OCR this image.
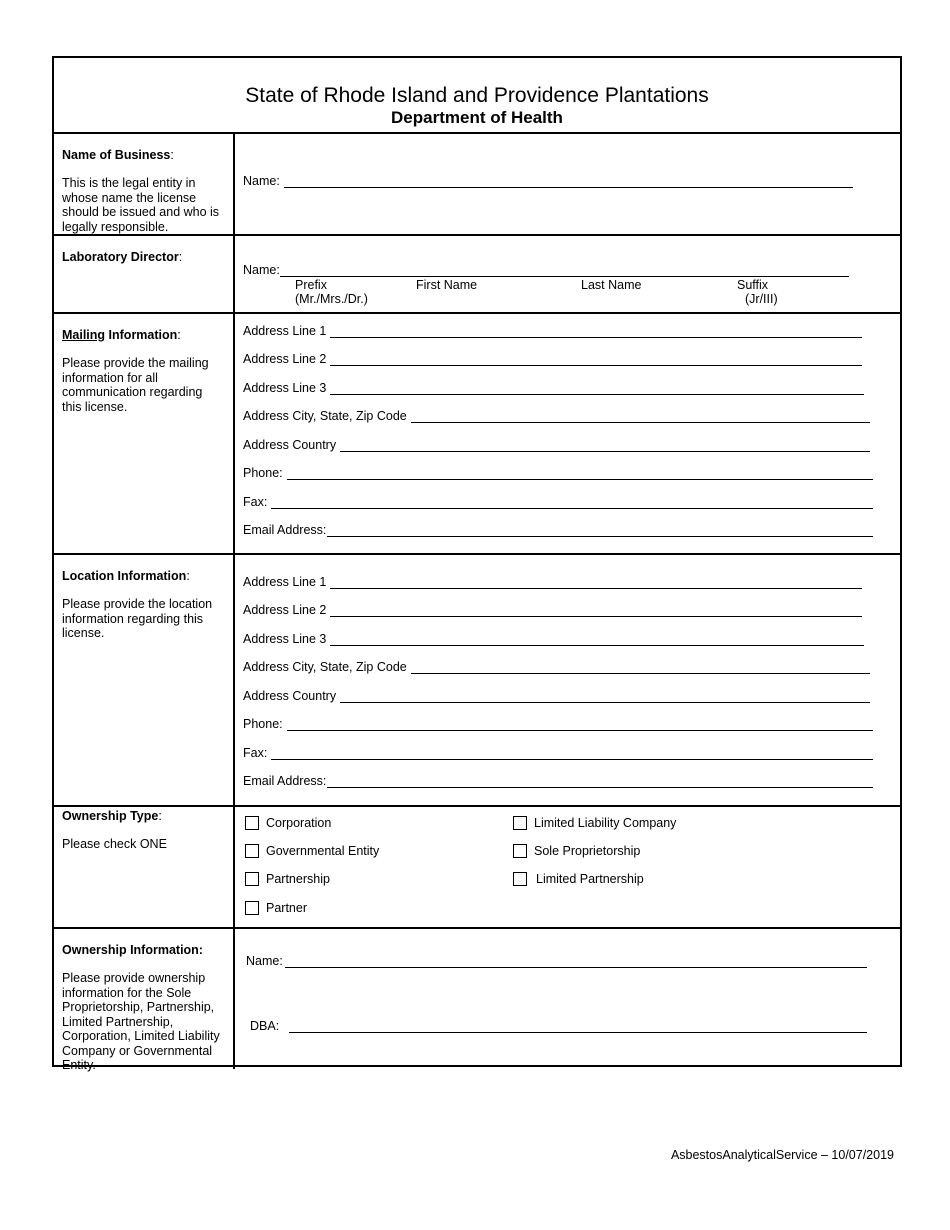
State of Rhode Island and Providence Plantations
Department of Health
Name of Business:
This is the legal entity in whose name the license should be issued and who is legally responsible.
Name:
Laboratory Director:
Name:
Prefix
(Mr./Mrs./Dr.)
First Name	Last Name	Suffix
(Jr/III)
Mailing Information:
Please provide the mailing information for all communication regarding this license.
Address Line 1
Address Line 2
Address Line 3
Address City, State, Zip Code
Address Country
Phone:
Fax:
Email Address:
Location Information:
Please provide the location information regarding this license.
Address Line 1
Address Line 2
Address Line 3
Address City, State, Zip Code
Address Country
Phone:
Fax:
Email Address:
Ownership Type:
Please check ONE
Corporation
Governmental Entity
Partnership
Partner
Limited Liability Company
Sole Proprietorship
Limited Partnership
Ownership Information:
Please provide ownership information for the Sole Proprietorship, Partnership, Limited Partnership, Corporation, Limited Liability Company or Governmental Entity.
Name:
DBA:
AsbestosAnalyticalService – 10/07/2019
